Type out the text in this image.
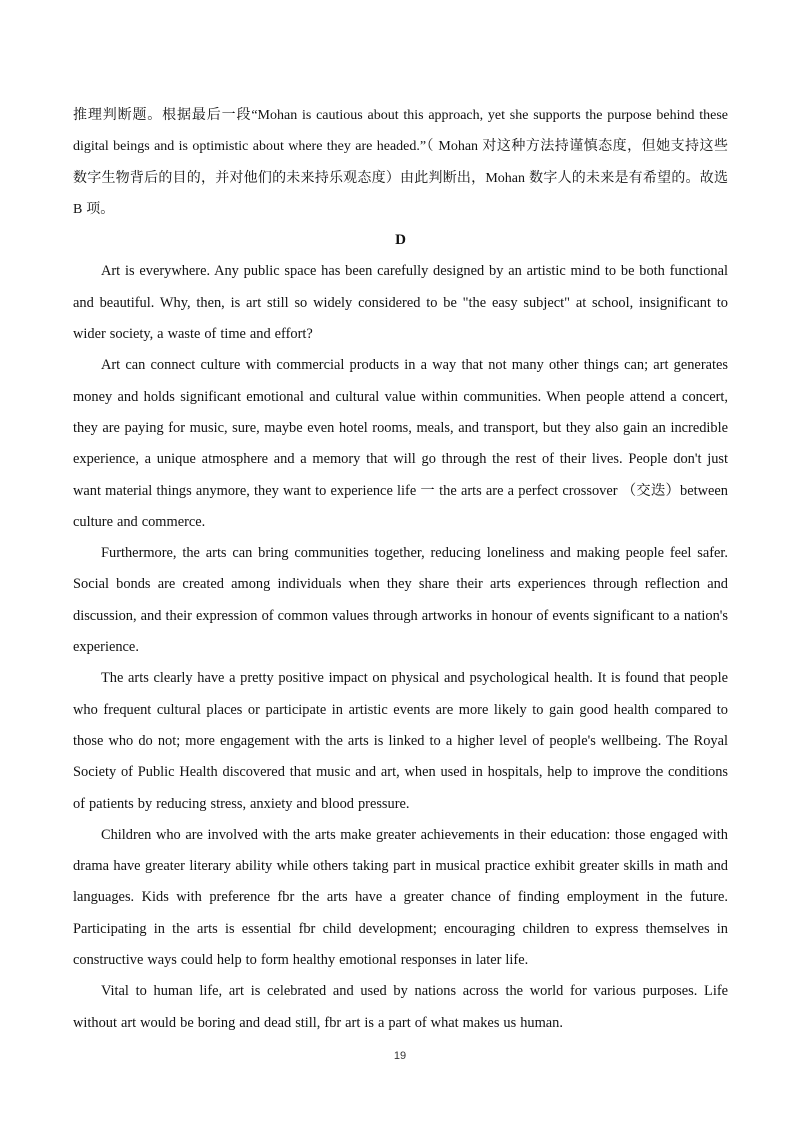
推理判断题。根据最后一段“Mohan is cautious about this approach, yet she supports the purpose behind these digital beings and is optimistic about where they are headed.”（ Mohan 对这种方法持谨慎态度，但她支持这些数字生物背后的目的，并对他们的未来持乐观态度）由此判断出，Mohan 数字人的未来是有希望的。故选 B 项。

D

Art is everywhere. Any public space has been carefully designed by an artistic mind to be both functional and beautiful. Why, then, is art still so widely considered to be "the easy subject" at school, insignificant to wider society, a waste of time and effort?

Art can connect culture with commercial products in a way that not many other things can; art generates money and holds significant emotional and cultural value within communities. When people attend a concert, they are paying for music, sure, maybe even hotel rooms, meals, and transport, but they also gain an incredible experience, a unique atmosphere and a memory that will go through the rest of their lives. People don't just want material things anymore, they want to experience life 一 the arts are a perfect crossover （交迭）between culture and commerce.

Furthermore, the arts can bring communities together, reducing loneliness and making people feel safer. Social bonds are created among individuals when they share their arts experiences through reflection and discussion, and their expression of common values through artworks in honour of events significant to a nation's experience.

The arts clearly have a pretty positive impact on physical and psychological health. It is found that people who frequent cultural places or participate in artistic events are more likely to gain good health compared to those who do not; more engagement with the arts is linked to a higher level of people's wellbeing. The Royal Society of Public Health discovered that music and art, when used in hospitals, help to improve the conditions of patients by reducing stress, anxiety and blood pressure.

Children who are involved with the arts make greater achievements in their education: those engaged with drama have greater literary ability while others taking part in musical practice exhibit greater skills in math and languages. Kids with preference fbr the arts have a greater chance of finding employment in the future. Participating in the arts is essential fbr child development; encouraging children to express themselves in constructive ways could help to form healthy emotional responses in later life.

Vital to human life, art is celebrated and used by nations across the world for various purposes. Life without art would be boring and dead still, fbr art is a part of what makes us human.

19
